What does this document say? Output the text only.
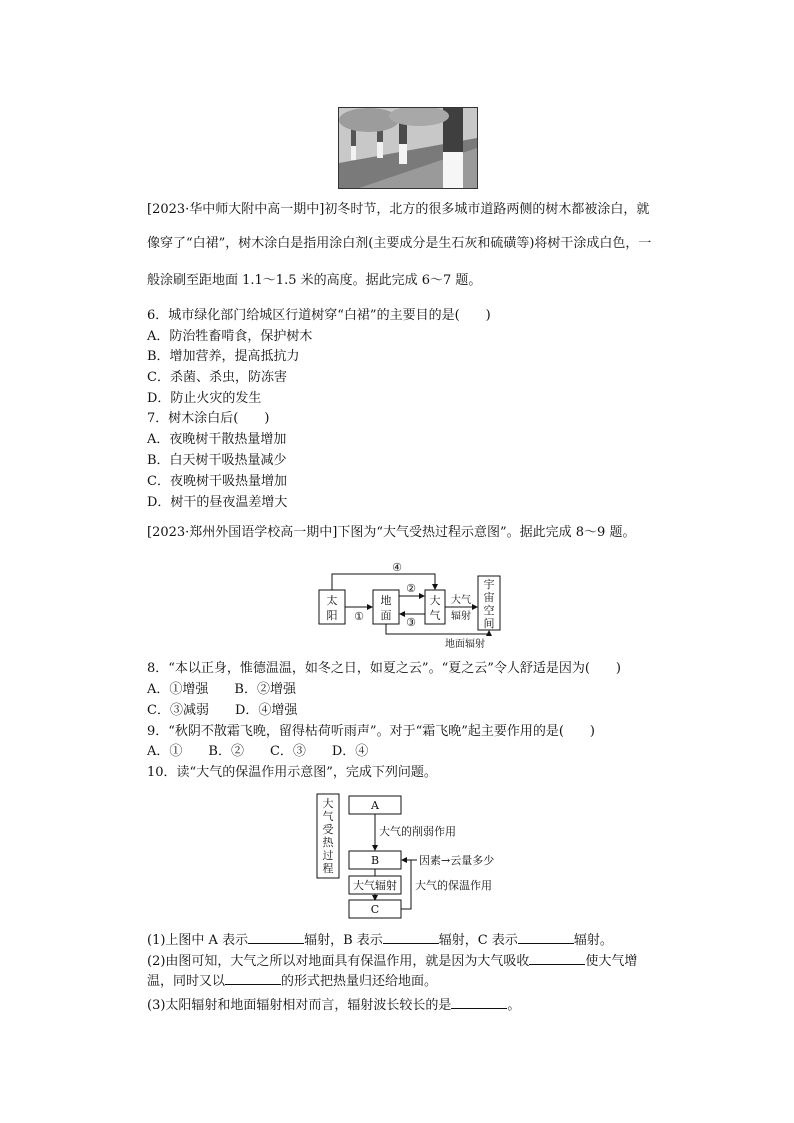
[2023·华中师大附中高一期中]初冬时节，北方的很多城市道路两侧的树木都被涂白，就
像穿了“白裙”，树木涂白是指用涂白剂(主要成分是生石灰和硫磺等)将树干涂成白色，一
般涂刷至距地面 1.1～1.5 米的高度。据此完成 6～7 题。
6．城市绿化部门给城区行道树穿“白裙”的主要目的是(　　)
A．防治牲畜啃食，保护树木
B．增加营养，提高抵抗力
C．杀菌、杀虫，防冻害
D．防止火灾的发生
7．树木涂白后(　　)
A．夜晚树干散热量增加
B．白天树干吸热量减少
C．夜晚树干吸热量增加
D．树干的昼夜温差增大
[2023·郑州外国语学校高一期中]下图为“大气受热过程示意图”。据此完成 8～9 题。
太
阳
地
面
大
气
宇
宙
空
间
①
④
②
③
大气
辐射
地面辐射
8．“本以正身，惟德温温，如冬之日，如夏之云”。“夏之云”令人舒适是因为(　　)
A．①增强　　B．②增强
C．③减弱　　D．④增强
9．“秋阴不散霜飞晚，留得枯荷听雨声”。对于“霜飞晚”起主要作用的是(　　)
A．①　　B．②　　C．③　　D．④
10．读“大气的保温作用示意图”，完成下列问题。
大
气
受
热
过
程
A
大气的削弱作用
B	因素→云量多少
大气辐射
C
大气的保温作用
(1)上图中 A 表示	辐射，B 表示	辐射，C 表示	辐射。
(2)由图可知，大气之所以对地面具有保温作用，就是因为大气吸收	使大气增
温，同时又以	的形式把热量归还给地面。
(3)太阳辐射和地面辐射相对而言，辐射波长较长的是	。
